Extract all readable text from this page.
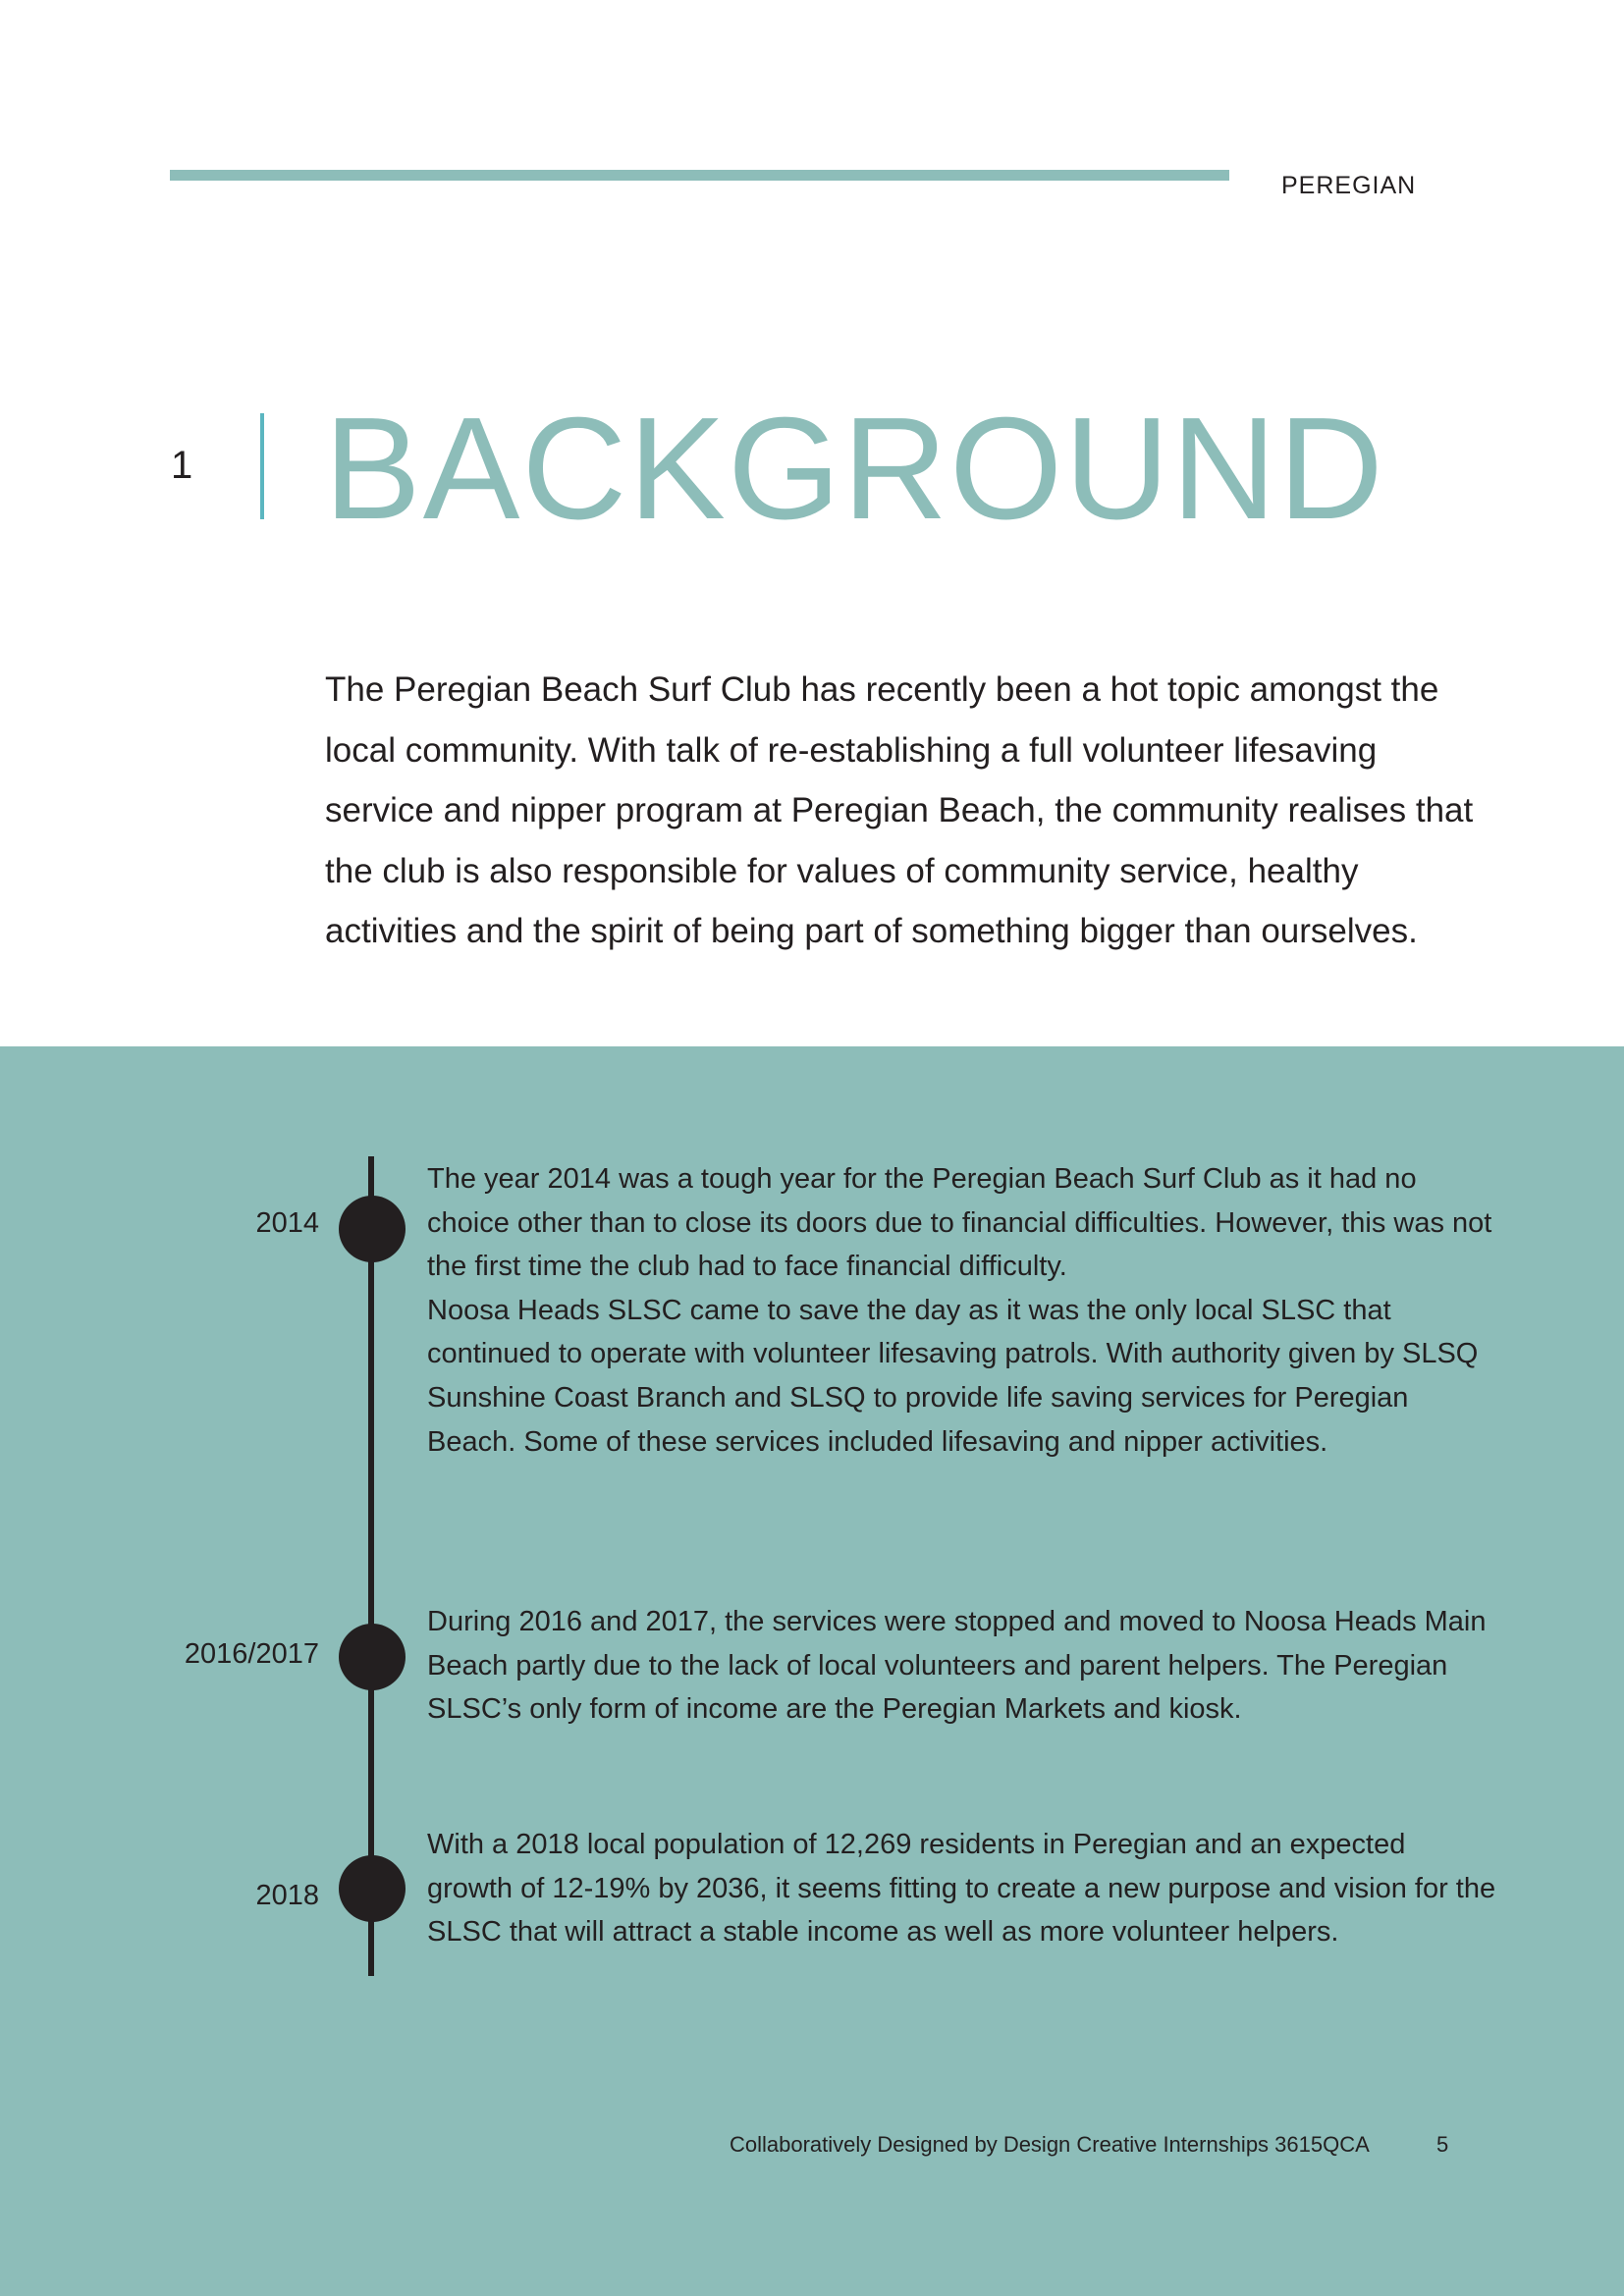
PEREGIAN
1 BACKGROUND

The Peregian Beach Surf Club has recently been a hot topic amongst the local community. With talk of re-establishing a full volunteer lifesaving service and nipper program at Peregian Beach, the community realises that the club is also responsible for values of community service, healthy activities and the spirit of being part of something bigger than ourselves.

2014

The year 2014 was a tough year for the Peregian Beach Surf Club as it had no choice other than to close its doors due to financial difficulties. However, this was not the first time the club had to face financial difficulty.

Noosa Heads SLSC came to save the day as it was the only local SLSC that continued to operate with volunteer lifesaving patrols. With authority given by SLSQ Sunshine Coast Branch and SLSQ to provide life saving services for Peregian Beach. Some of these services included lifesaving and nipper activities.

2016/2017

During 2016 and 2017, the services were stopped and moved to Noosa Heads Main Beach partly due to the lack of local volunteers and parent helpers. The Peregian SLSC’s only form of income are the Peregian Markets and kiosk.

2018

With a 2018 local population of 12,269 residents in Peregian and an expected growth of 12-19% by 2036, it seems fitting to create a new purpose and vision for the SLSC that will attract a stable income as well as more volunteer helpers.

Collaboratively Designed by Design Creative Internships 3615QCA	5
